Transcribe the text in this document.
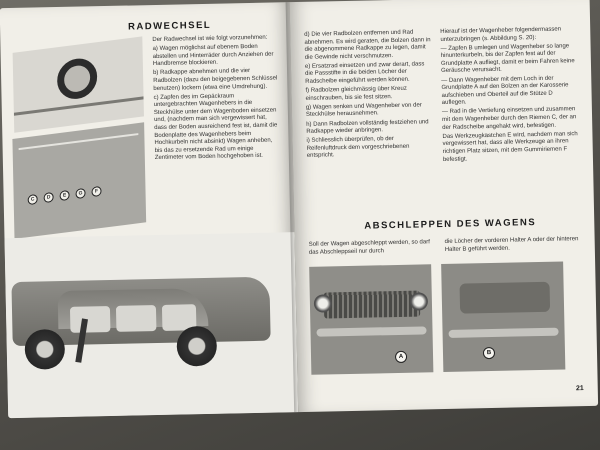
RADWECHSEL
C	D	E	G	F

Der Radwechsel ist wie folgt vorzunehmen:

a) Wagen möglichst auf ebenem Boden abstellen und Hinterräder durch Anziehen der Handbremse blockieren.

b) Radkappe abnehmen und die vier Radbolzen (dazu den beigegebenen Schlüssel benutzen) lockern (etwa eine Umdrehung).

c) Zapfen des im Gepäckraum untergebrachten Wagenhebers in die Steckhülse unter dem Wagenboden einsetzen und, (nachdem man sich vergewissert hat, dass der Boden ausreichend fest ist, damit die Bodenplatte des Wagenhebers beim Hochkurbeln nicht absinkt) Wagen anheben, bis das zu ersetzende Rad um einige Zentimeter vom Boden hochgehoben ist.

d) Die vier Radbolzen entfernen und Rad abnehmen. Es wird geraten, die Bolzen dann in die abgenommene Radkappe zu legen, damit die Gewinde nicht verschmutzen.

e) Ersatzrad einsetzen und zwar derart, dass die Passstifte in die beiden Löcher der Radscheibe eingeführt werden können.

f) Radbolzen gleichmässig über Kreuz einschrauben, bis sie fest sitzen.

g) Wagen senken und Wagenheber von der Steckhülse herausnehmen.

h) Dann Radbolzen vollständig festziehen und Radkappe wieder anbringen.

i) Schliesslich überprüfen, ob der Reifenluftdruck dem vorgeschriebenen entspricht.

Hierauf ist der Wagenheber folgendermassen unterzubringen (s. Abbildung S. 20):

— Zapfen B umlegen und Wagenheber so lange hinunterkurbeln, bis der Zapfen fest auf der Grundplatte A aufliegt, damit er beim Fahren keine Geräusche verursacht.

— Dann Wagenheber mit dem Loch in der Grundplatte A auf den Bolzen an der Karosserie aufschieben und Oberteil auf die Stütze D auflegen.

— Rad in die Vertiefung einsetzen und zusammen mit dem Wagenheber durch den Riemen C, der an der Radscheibe angehakt wird, befestigen.

Das Werkzeugkästchen E wird, nachdem man sich vergewissert hat, dass alle Werkzeuge an ihren richtigen Platz sitzen, mit dem Gummiriemen F befestigt.

ABSCHLEPPEN DES WAGENS
Soll der Wagen abgeschleppt werden, so darf das Abschleppseil nur durch
die Löcher der vorderen Halter A oder der hinteren Halter B geführt werden.
A
B
21
